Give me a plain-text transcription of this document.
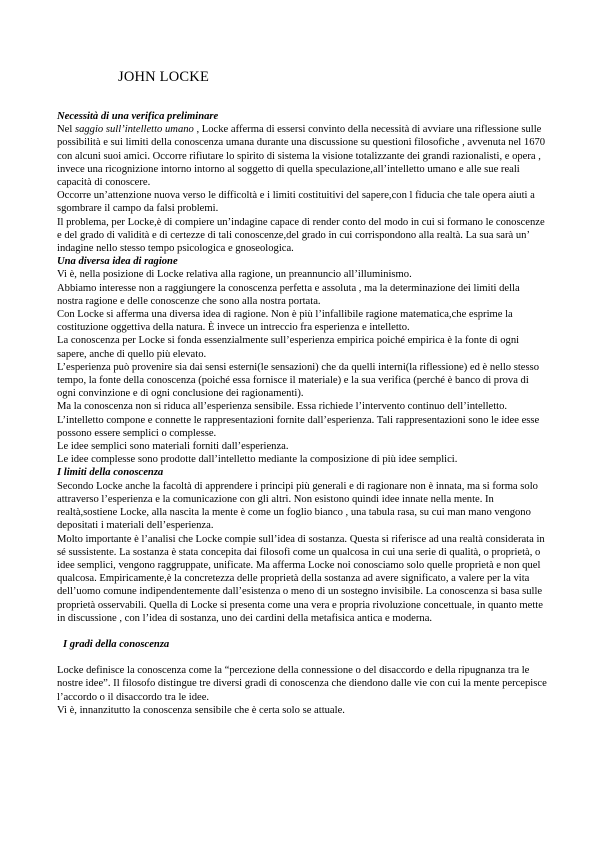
JOHN LOCKE

Necessità di una verifica preliminare

Nel saggio sull’intelletto umano , Locke afferma di essersi convinto della necessità di avviare una riflessione sulle possibilità e sui limiti della conoscenza umana durante una discussione su questioni filosofiche , avvenuta nel 1670 con alcuni suoi amici. Occorre rifiutare lo spirito di sistema la visione totalizzante dei grandi razionalisti, e opera , invece una ricognizione intorno intorno al soggetto di quella speculazione,all’intelletto umano e alle sue reali capacità di conoscere.

Occorre un’attenzione nuova verso le difficoltà e i limiti costituitivi del sapere,con l fiducia che tale opera aiuti a sgombrare il campo da falsi problemi.

Il problema, per Locke,è di compiere un’indagine capace di render conto del modo in cui si formano le conoscenze e del grado di validità e di certezze di tali conoscenze,del grado in cui corrispondono alla realtà. La sua sarà un’ indagine nello stesso tempo psicologica e gnoseologica.

Una diversa idea di ragione

Vi è, nella posizione di Locke relativa alla ragione, un preannuncio all’illuminismo.

Abbiamo interesse non a raggiungere la conoscenza perfetta e assoluta , ma la determinazione dei limiti della nostra ragione e delle conoscenze che sono alla nostra portata.

Con Locke si afferma una diversa idea di ragione. Non è più l’infallibile ragione matematica,che esprime la costituzione oggettiva della natura. È invece un intreccio fra esperienza e intelletto.

La conoscenza per Locke si fonda essenzialmente sull’esperienza empirica poiché empirica è la fonte di ogni sapere, anche di quello più elevato.

L’esperienza può provenire sia dai sensi esterni(le sensazioni) che da quelli interni(la riflessione) ed è nello stesso tempo, la fonte della conoscenza (poiché essa fornisce il materiale) e la sua verifica (perché è banco di prova di ogni convinzione e di ogni conclusione dei ragionamenti).

Ma la conoscenza non si riduca all’esperienza sensibile. Essa richiede l’intervento continuo dell’intelletto. L’intelletto compone e connette le rappresentazioni fornite dall’esperienza. Tali rappresentazioni sono le idee esse possono essere semplici o complesse.

Le idee semplici sono materiali forniti dall’esperienza.

Le idee complesse sono prodotte dall’intelletto mediante la composizione di più idee semplici.

I limiti della conoscenza

Secondo Locke anche la facoltà di apprendere i principi più generali e di ragionare non è innata, ma si forma solo attraverso l’esperienza e la comunicazione con gli altri. Non esistono quindi idee innate nella mente. In realtà,sostiene Locke, alla nascita la mente è come un foglio bianco , una tabula rasa, su cui man mano vengono depositati i materiali dell’esperienza.

Molto importante è l’analisi che Locke compie sull’idea di sostanza. Questa si riferisce ad una realtà considerata in sé sussistente. La sostanza è stata concepita dai filosofi come un qualcosa in cui una serie di qualità, o proprietà, o idee semplici, vengono raggruppate, unificate. Ma afferma Locke noi conosciamo solo quelle proprietà e non quel qualcosa. Empiricamente,è la concretezza delle proprietà della sostanza ad avere significato, a valere per la vita dell’uomo comune indipendentemente dall’esistenza o meno di un sostegno invisibile. La conoscenza si basa sulle proprietà osservabili. Quella di Locke si presenta come una vera e propria rivoluzione concettuale, in quanto mette in discussione , con l’idea di sostanza, uno dei cardini della metafisica antica e moderna.

I gradi della conoscenza

Locke definisce la conoscenza come la “percezione della connessione o del disaccordo e della ripugnanza tra le nostre idee”. Il filosofo distingue tre diversi gradi di conoscenza che diendono dalle vie con cui la mente percepisce l’accordo o il disaccordo tra le idee.

Vi è, innanzitutto la conoscenza sensibile che è certa solo se attuale.
